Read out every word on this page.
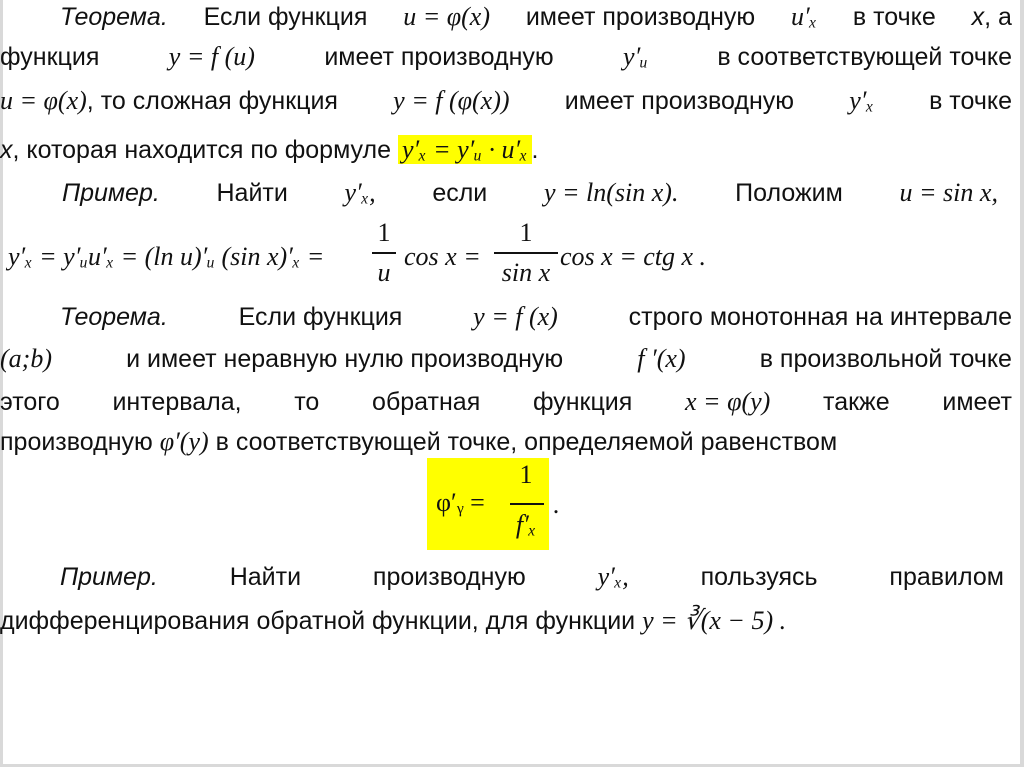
Теорема. Если функция u = φ(x) имеет производную u′ₓ в точке x, а
функция	y = f (u)	имеет производную	y′ᵤ	в соответствующей точке
u = φ(x), то сложная функция y = f (φ(x)) имеет производную y′ₓ в точке
x, которая находится по формуле y′ₓ = y′ᵤ · u′ₓ .
Пример. Найти y′ₓ, если y = ln(sin x). Положим u = sin x,
y′ₓ = y′ᵤu′ₓ = (ln u)′ᵤ (sin x)′ₓ =
1
u
cos x =
1
sin x
cos x = ctg x .
Теорема.	Если функция	y = f (x)	строго монотонная на интервале
(a;b)	и имеет неравную нулю производную	f ′(x)	в произвольной точке
этого интервала, то обратная функция x = φ(y) также имеет
производную φ′(y) в соответствующей точке, определяемой равенством
φ′ᵧ =
1
f′ₓ
.
Пример.	Найти	производную	y′ₓ,	пользуясь	правилом
дифференцирования обратной функции, для функции y = ∛(x − 5) .
